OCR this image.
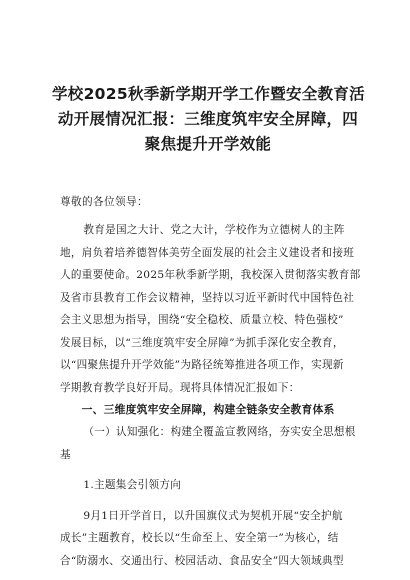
学校2025秋季新学期开学工作暨安全教育活
动开展情况汇报：三维度筑牢安全屏障，四
聚焦提升开学效能
尊敬的各位领导：
教育是国之大计、党之大计，学校作为立德树人的主阵
地，肩负着培养德智体美劳全面发展的社会主义建设者和接班
人的重要使命。2025年秋季新学期，我校深入贯彻落实教育部
及省市县教育工作会议精神，坚持以习近平新时代中国特色社
会主义思想为指导，围绕“安全稳校、质量立校、特色强校”
发展目标，以“三维度筑牢安全屏障”为抓手深化安全教育，
以“四聚焦提升开学效能”为路径统筹推进各项工作，实现新
学期教育教学良好开局。现将具体情况汇报如下：
一、三维度筑牢安全屏障，构建全链条安全教育体系
（一）认知强化：构建全覆盖宣教网络，夯实安全思想根
基
1.主题集会引领方向
9月1日开学首日，以升国旗仪式为契机开展“安全护航
成长”主题教育，校长以“生命至上、安全第一”为核心，结
合“防溺水、交通出行、校园活动、食品安全”四大领域典型
